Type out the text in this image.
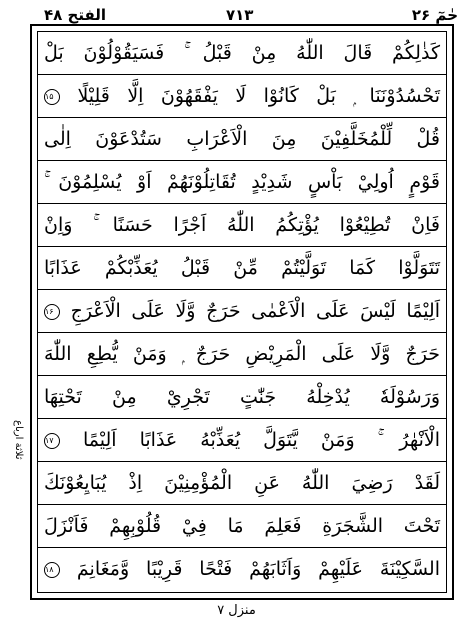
الفتح ۴۸	۷۱۳	حٰمٓ ۲۶
ثلاثة ارباع
كَذٰلِكُمْ قَالَ اللّٰهُ مِنْ قَبْلُ ۚ فَسَيَقُوْلُوْنَ بَلْ
تَحْسُدُوْنَنَا ۭ بَلْ كَانُوْا لَا يَفْقَهُوْنَ اِلَّا قَلِيْلًا ۱۵
قُلْ لِّلْمُخَلَّفِيْنَ مِنَ الْاَعْرَابِ سَتُدْعَوْنَ اِلٰى
قَوْمٍ اُولِيْ بَاْسٍ شَدِيْدٍ تُقَاتِلُوْنَهُمْ اَوْ يُسْلِمُوْنَ ۚ
فَاِنْ تُطِيْعُوْا يُؤْتِكُمُ اللّٰهُ اَجْرًا حَسَنًا ۚ وَاِنْ
تَتَوَلَّوْا كَمَا تَوَلَّيْتُمْ مِّنْ قَبْلُ يُعَذِّبْكُمْ عَذَابًا
اَلِيْمًا لَيْسَ عَلَى الْاَعْمٰى حَرَجٌ وَّلَا عَلَى الْاَعْرَجِ ۱۶
حَرَجٌ وَّلَا عَلَى الْمَرِيْضِ حَرَجٌ ۭ وَمَنْ يُّطِعِ اللّٰهَ
وَرَسُوْلَهٗ يُدْخِلْهُ جَنّٰتٍ تَجْرِيْ مِنْ تَحْتِهَا
الْاَنْهٰرُ ۚ وَمَنْ يَّتَوَلَّ يُعَذِّبْهُ عَذَابًا اَلِيْمًا ۱۷
لَقَدْ رَضِيَ اللّٰهُ عَنِ الْمُؤْمِنِيْنَ اِذْ يُبَايِعُوْنَكَ
تَحْتَ الشَّجَرَةِ فَعَلِمَ مَا فِيْ قُلُوْبِهِمْ فَاَنْزَلَ
السَّكِيْنَةَ عَلَيْهِمْ وَاَثَابَهُمْ فَتْحًا قَرِيْبًا وَّمَغَانِمَ ۱۸
منزل ۷
